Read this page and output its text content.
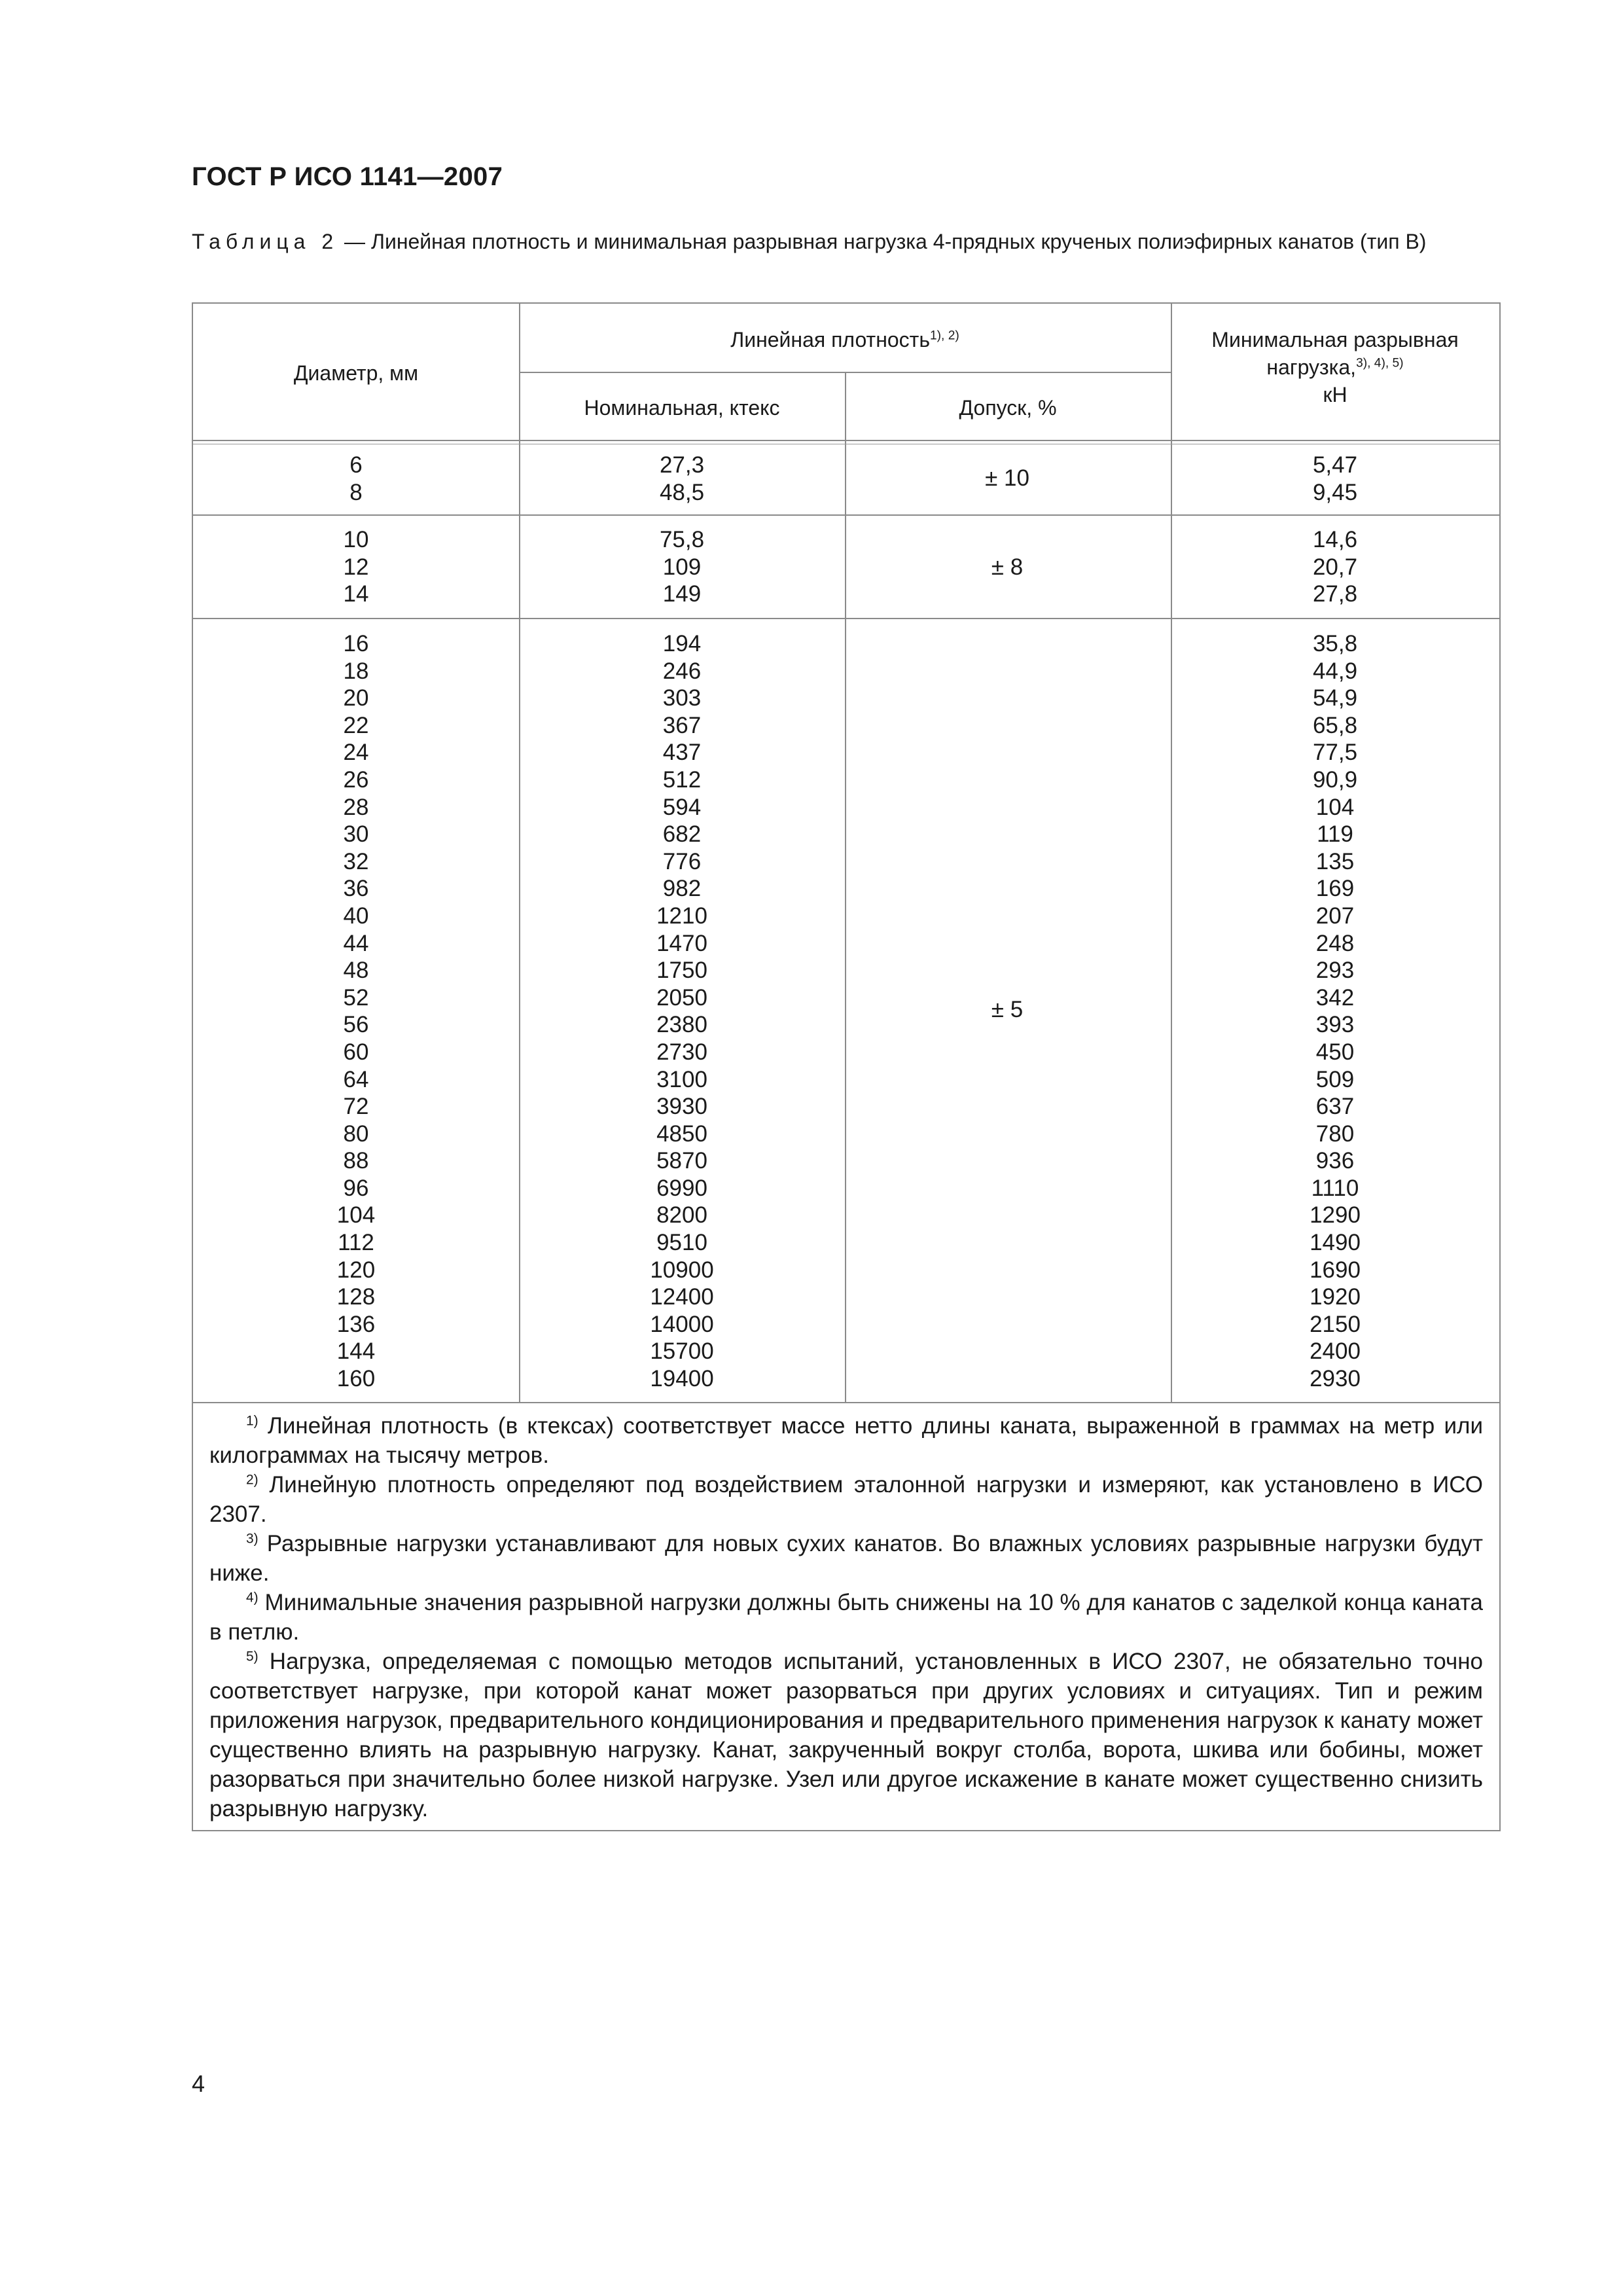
ГОСТ Р ИСО 1141—2007
Таблица 2 — Линейная плотность и минимальная разрывная нагрузка 4-прядных крученых полиэфирных канатов (тип В)
Диаметр, мм
Линейная плотность$^{1), 2)}$
Номинальная, ктекс	Допуск, %
Минимальная разрывная
нагрузка,$^{3), 4), 5)}$
кН
6
8
27,3
48,5
± 10
5,47
9,45
10
12
14
75,8
109
149
± 8
14,6
20,7
27,8
16
18
20
22
24
26
28
30
32
36
40
44
48
52
56
60
64
72
80
88
96
104
112
120
128
136
144
160
194
246
303
367
437
512
594
682
776
982
1210
1470
1750
2050
2380
2730
3100
3930
4850
5870
6990
8200
9510
10900
12400
14000
15700
19400
± 5
35,8
44,9
54,9
65,8
77,5
90,9
104
119
135
169
207
248
293
342
393
450
509
637
780
936
1110
1290
1490
1690
1920
2150
2400
2930

$^{1)}$ Линейная плотность (в ктексах) соответствует массе нетто длины каната, выраженной в граммах на метр или килограммах на тысячу метров.

$^{2)}$ Линейную плотность определяют под воздействием эталонной нагрузки и измеряют, как установлено в ИСО 2307.

$^{3)}$ Разрывные нагрузки устанавливают для новых сухих канатов. Во влажных условиях разрывные нагрузки будут ниже.

$^{4)}$ Минимальные значения разрывной нагрузки должны быть снижены на 10 % для канатов с заделкой конца каната в петлю.

$^{5)}$ Нагрузка, определяемая с помощью методов испытаний, установленных в ИСО 2307, не обязательно точно соответствует нагрузке, при которой канат может разорваться при других условиях и ситуациях. Тип и режим приложения нагрузок, предварительного кондиционирования и предварительного применения нагрузок к канату может существенно влиять на разрывную нагрузку. Канат, закрученный вокруг столба, ворота, шкива или бобины, может разорваться при значительно более низкой нагрузке. Узел или другое искажение в канате может существенно снизить разрывную нагрузку.

4
